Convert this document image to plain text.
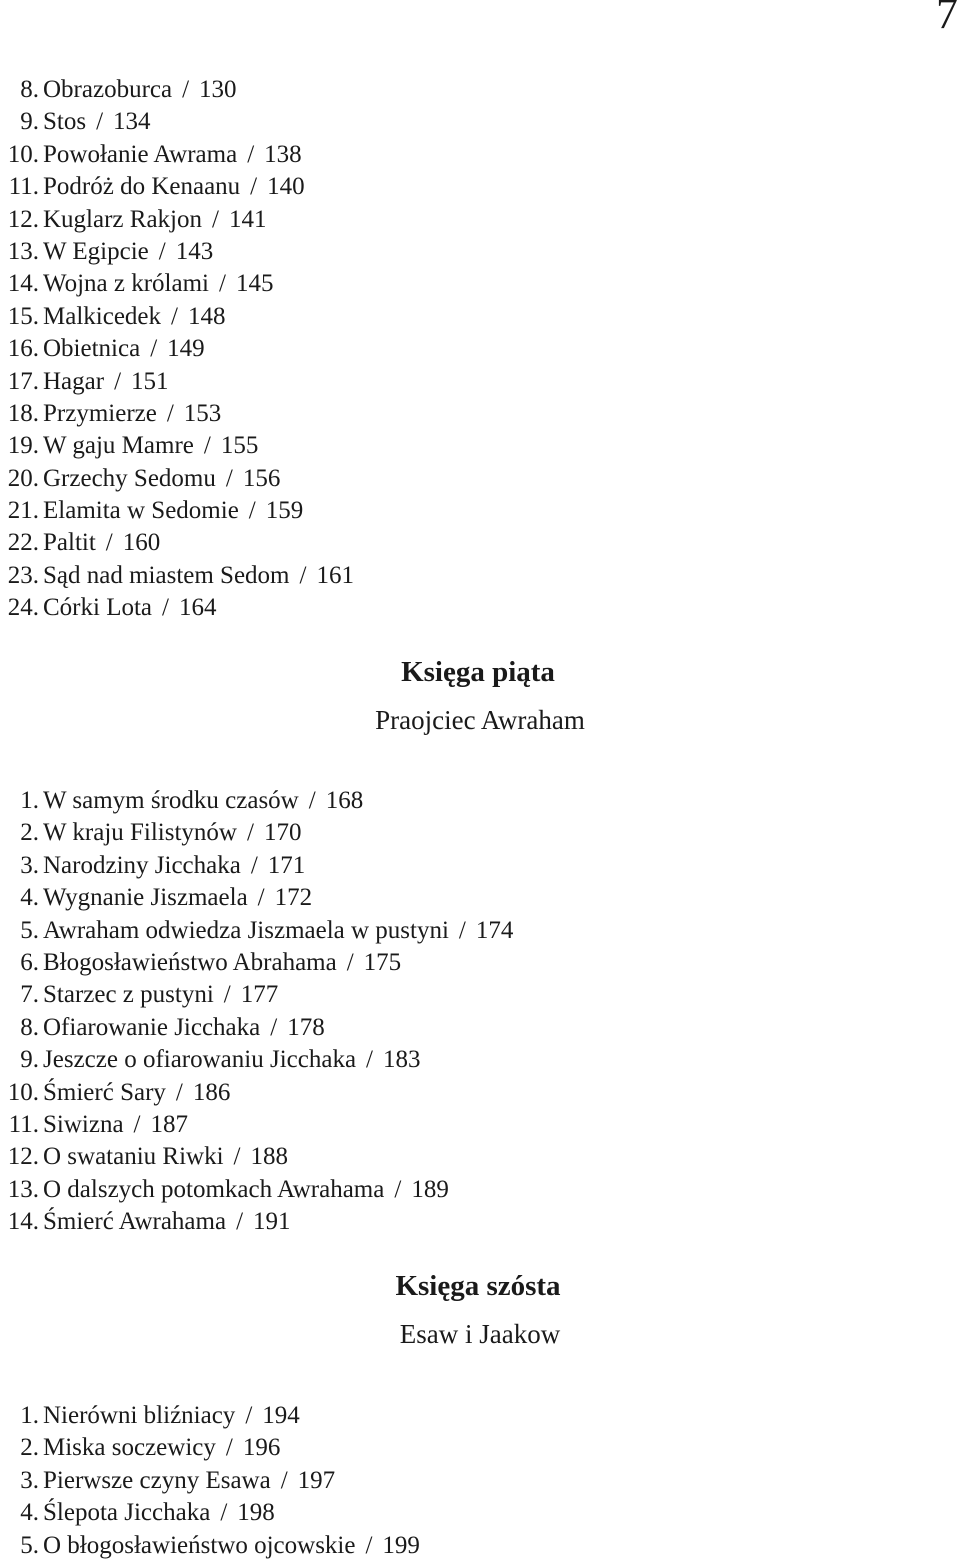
7
8. Obrazoburca / 130
9. Stos / 134
10. Powołanie Awrama / 138
11. Podróż do Kenaanu / 140
12. Kuglarz Rakjon / 141
13. W Egipcie / 143
14. Wojna z królami / 145
15. Malkicedek / 148
16. Obietnica / 149
17. Hagar / 151
18. Przymierze / 153
19. W gaju Mamre / 155
20. Grzechy Sedomu / 156
21. Elamita w Sedomie / 159
22. Paltit / 160
23. Sąd nad miastem Sedom / 161
24. Córki Lota / 164
Księga piąta
Praojciec Awraham
1. W samym środku czasów / 168
2. W kraju Filistynów / 170
3. Narodziny Jicchaka / 171
4. Wygnanie Jiszmaela / 172
5. Awraham odwiedza Jiszmaela w pustyni / 174
6. Błogosławieństwo Abrahama / 175
7. Starzec z pustyni / 177
8. Ofiarowanie Jicchaka / 178
9. Jeszcze o ofiarowaniu Jicchaka / 183
10. Śmierć Sary / 186
11. Siwizna / 187
12. O swataniu Riwki / 188
13. O dalszych potomkach Awrahama / 189
14. Śmierć Awrahama / 191
Księga szósta
Esaw i Jaakow
1. Nierówni bliźniacy / 194
2. Miska soczewicy / 196
3. Pierwsze czyny Esawa / 197
4. Ślepota Jicchaka / 198
5. O błogosławieństwo ojcowskie / 199
